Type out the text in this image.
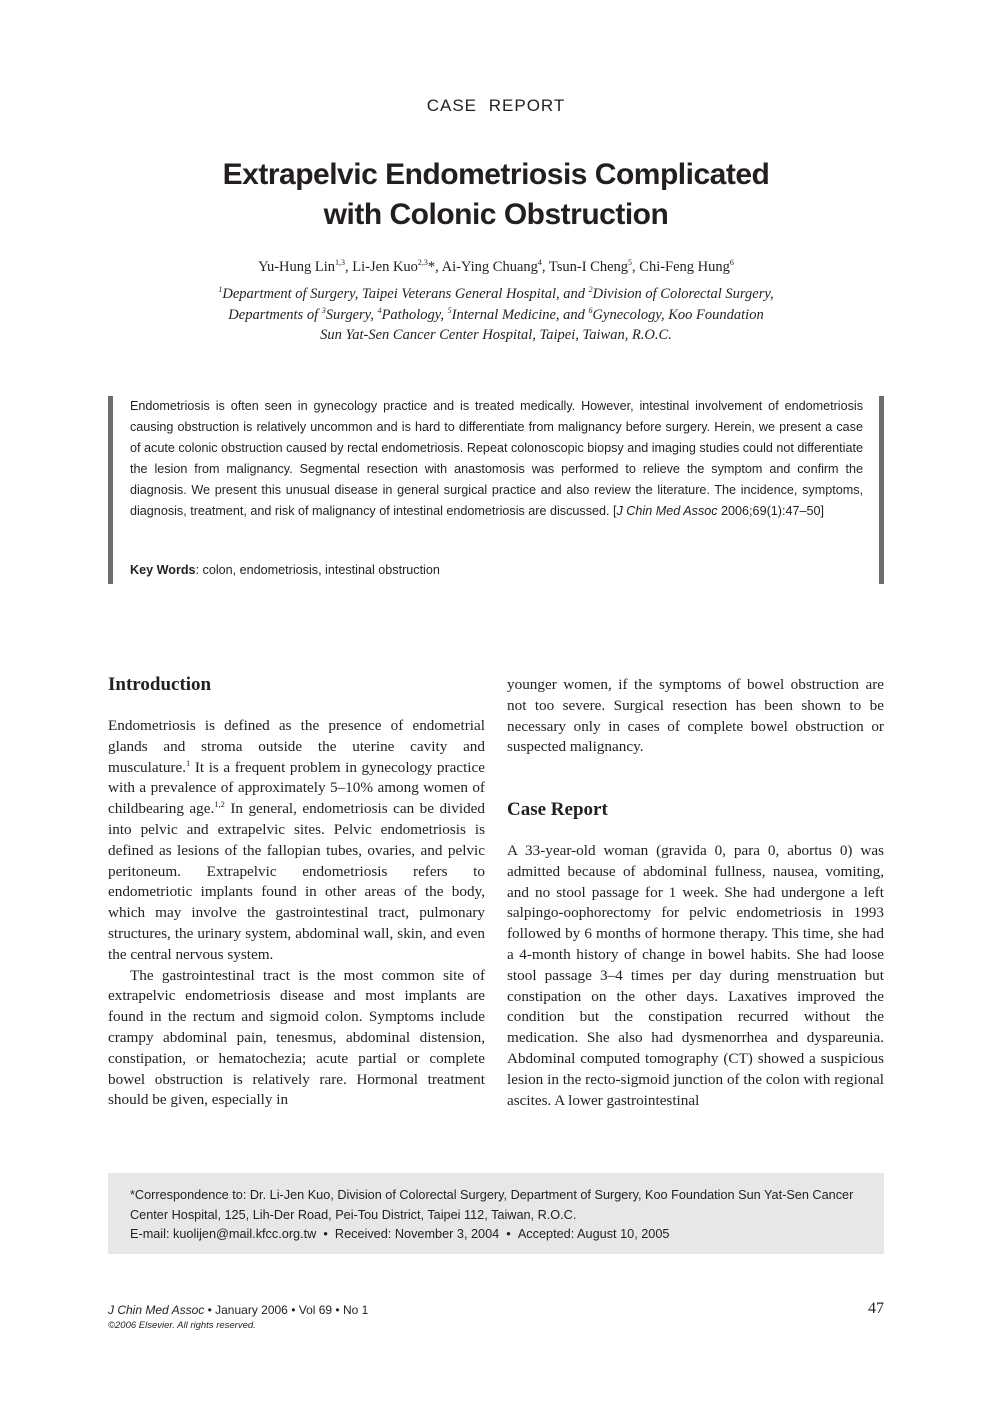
CASE REPORT
Extrapelvic Endometriosis Complicated
with Colonic Obstruction
Yu-Hung Lin$^{1,3}$, Li-Jen Kuo$^{2,3}$*, Ai-Ying Chuang$^4$, Tsun-I Cheng$^5$, Chi-Feng Hung$^6$
$^1$Department of Surgery, Taipei Veterans General Hospital, and $^2$Division of Colorectal Surgery,
Departments of $^3$Surgery, $^4$Pathology, $^5$Internal Medicine, and $^6$Gynecology, Koo Foundation
Sun Yat-Sen Cancer Center Hospital, Taipei, Taiwan, R.O.C.
Endometriosis is often seen in gynecology practice and is treated medically. However, intestinal involvement of endometriosis causing obstruction is relatively uncommon and is hard to differentiate from malignancy before surgery. Herein, we present a case of acute colonic obstruction caused by rectal endometriosis. Repeat colonoscopic biopsy and imaging studies could not differentiate the lesion from malignancy. Segmental resection with anastomosis was performed to relieve the symptom and confirm the diagnosis. We present this unusual disease in general surgical practice and also review the literature. The incidence, symptoms, diagnosis, treatment, and risk of malignancy of intestinal endometriosis are discussed. [J Chin Med Assoc 2006;69(1):47–50]
Key Words: colon, endometriosis, intestinal obstruction
Introduction

Endometriosis is defined as the presence of endometrial glands and stroma outside the uterine cavity and musculature.$^1$ It is a frequent problem in gynecology practice with a prevalence of approximately 5–10% among women of childbearing age.$^{1,2}$ In general, endometriosis can be divided into pelvic and extrapelvic sites. Pelvic endometriosis is defined as lesions of the fallopian tubes, ovaries, and pelvic peritoneum. Extrapelvic endometriosis refers to endometriotic implants found in other areas of the body, which may involve the gastrointestinal tract, pulmonary structures, the urinary system, abdominal wall, skin, and even the central nervous system.

The gastrointestinal tract is the most common site of extrapelvic endometriosis disease and most implants are found in the rectum and sigmoid colon. Symptoms include crampy abdominal pain, tenesmus, abdominal distension, constipation, or hematochezia; acute partial or complete bowel obstruction is relatively rare. Hormonal treatment should be given, especially in

younger women, if the symptoms of bowel obstruction are not too severe. Surgical resection has been shown to be necessary only in cases of complete bowel obstruction or suspected malignancy.

Case Report

A 33-year-old woman (gravida 0, para 0, abortus 0) was admitted because of abdominal fullness, nausea, vomiting, and no stool passage for 1 week. She had undergone a left salpingo-oophorectomy for pelvic endometriosis in 1993 followed by 6 months of hormone therapy. This time, she had a 4-month history of change in bowel habits. She had loose stool passage 3–4 times per day during menstruation but constipation on the other days. Laxatives improved the condition but the constipation recurred without the medication. She also had dysmenorrhea and dyspareunia. Abdominal computed tomography (CT) showed a suspicious lesion in the recto-sigmoid junction of the colon with regional ascites. A lower gastrointestinal

*Correspondence to: Dr. Li-Jen Kuo, Division of Colorectal Surgery, Department of Surgery, Koo Foundation Sun Yat-Sen Cancer Center Hospital, 125, Lih-Der Road, Pei-Tou District, Taipei 112, Taiwan, R.O.C.
E-mail: kuolijen@mail.kfcc.org.tw • Received: November 3, 2004 • Accepted: August 10, 2005
J Chin Med Assoc • January 2006 • Vol 69 • No 1
©2006 Elsevier. All rights reserved.
47
